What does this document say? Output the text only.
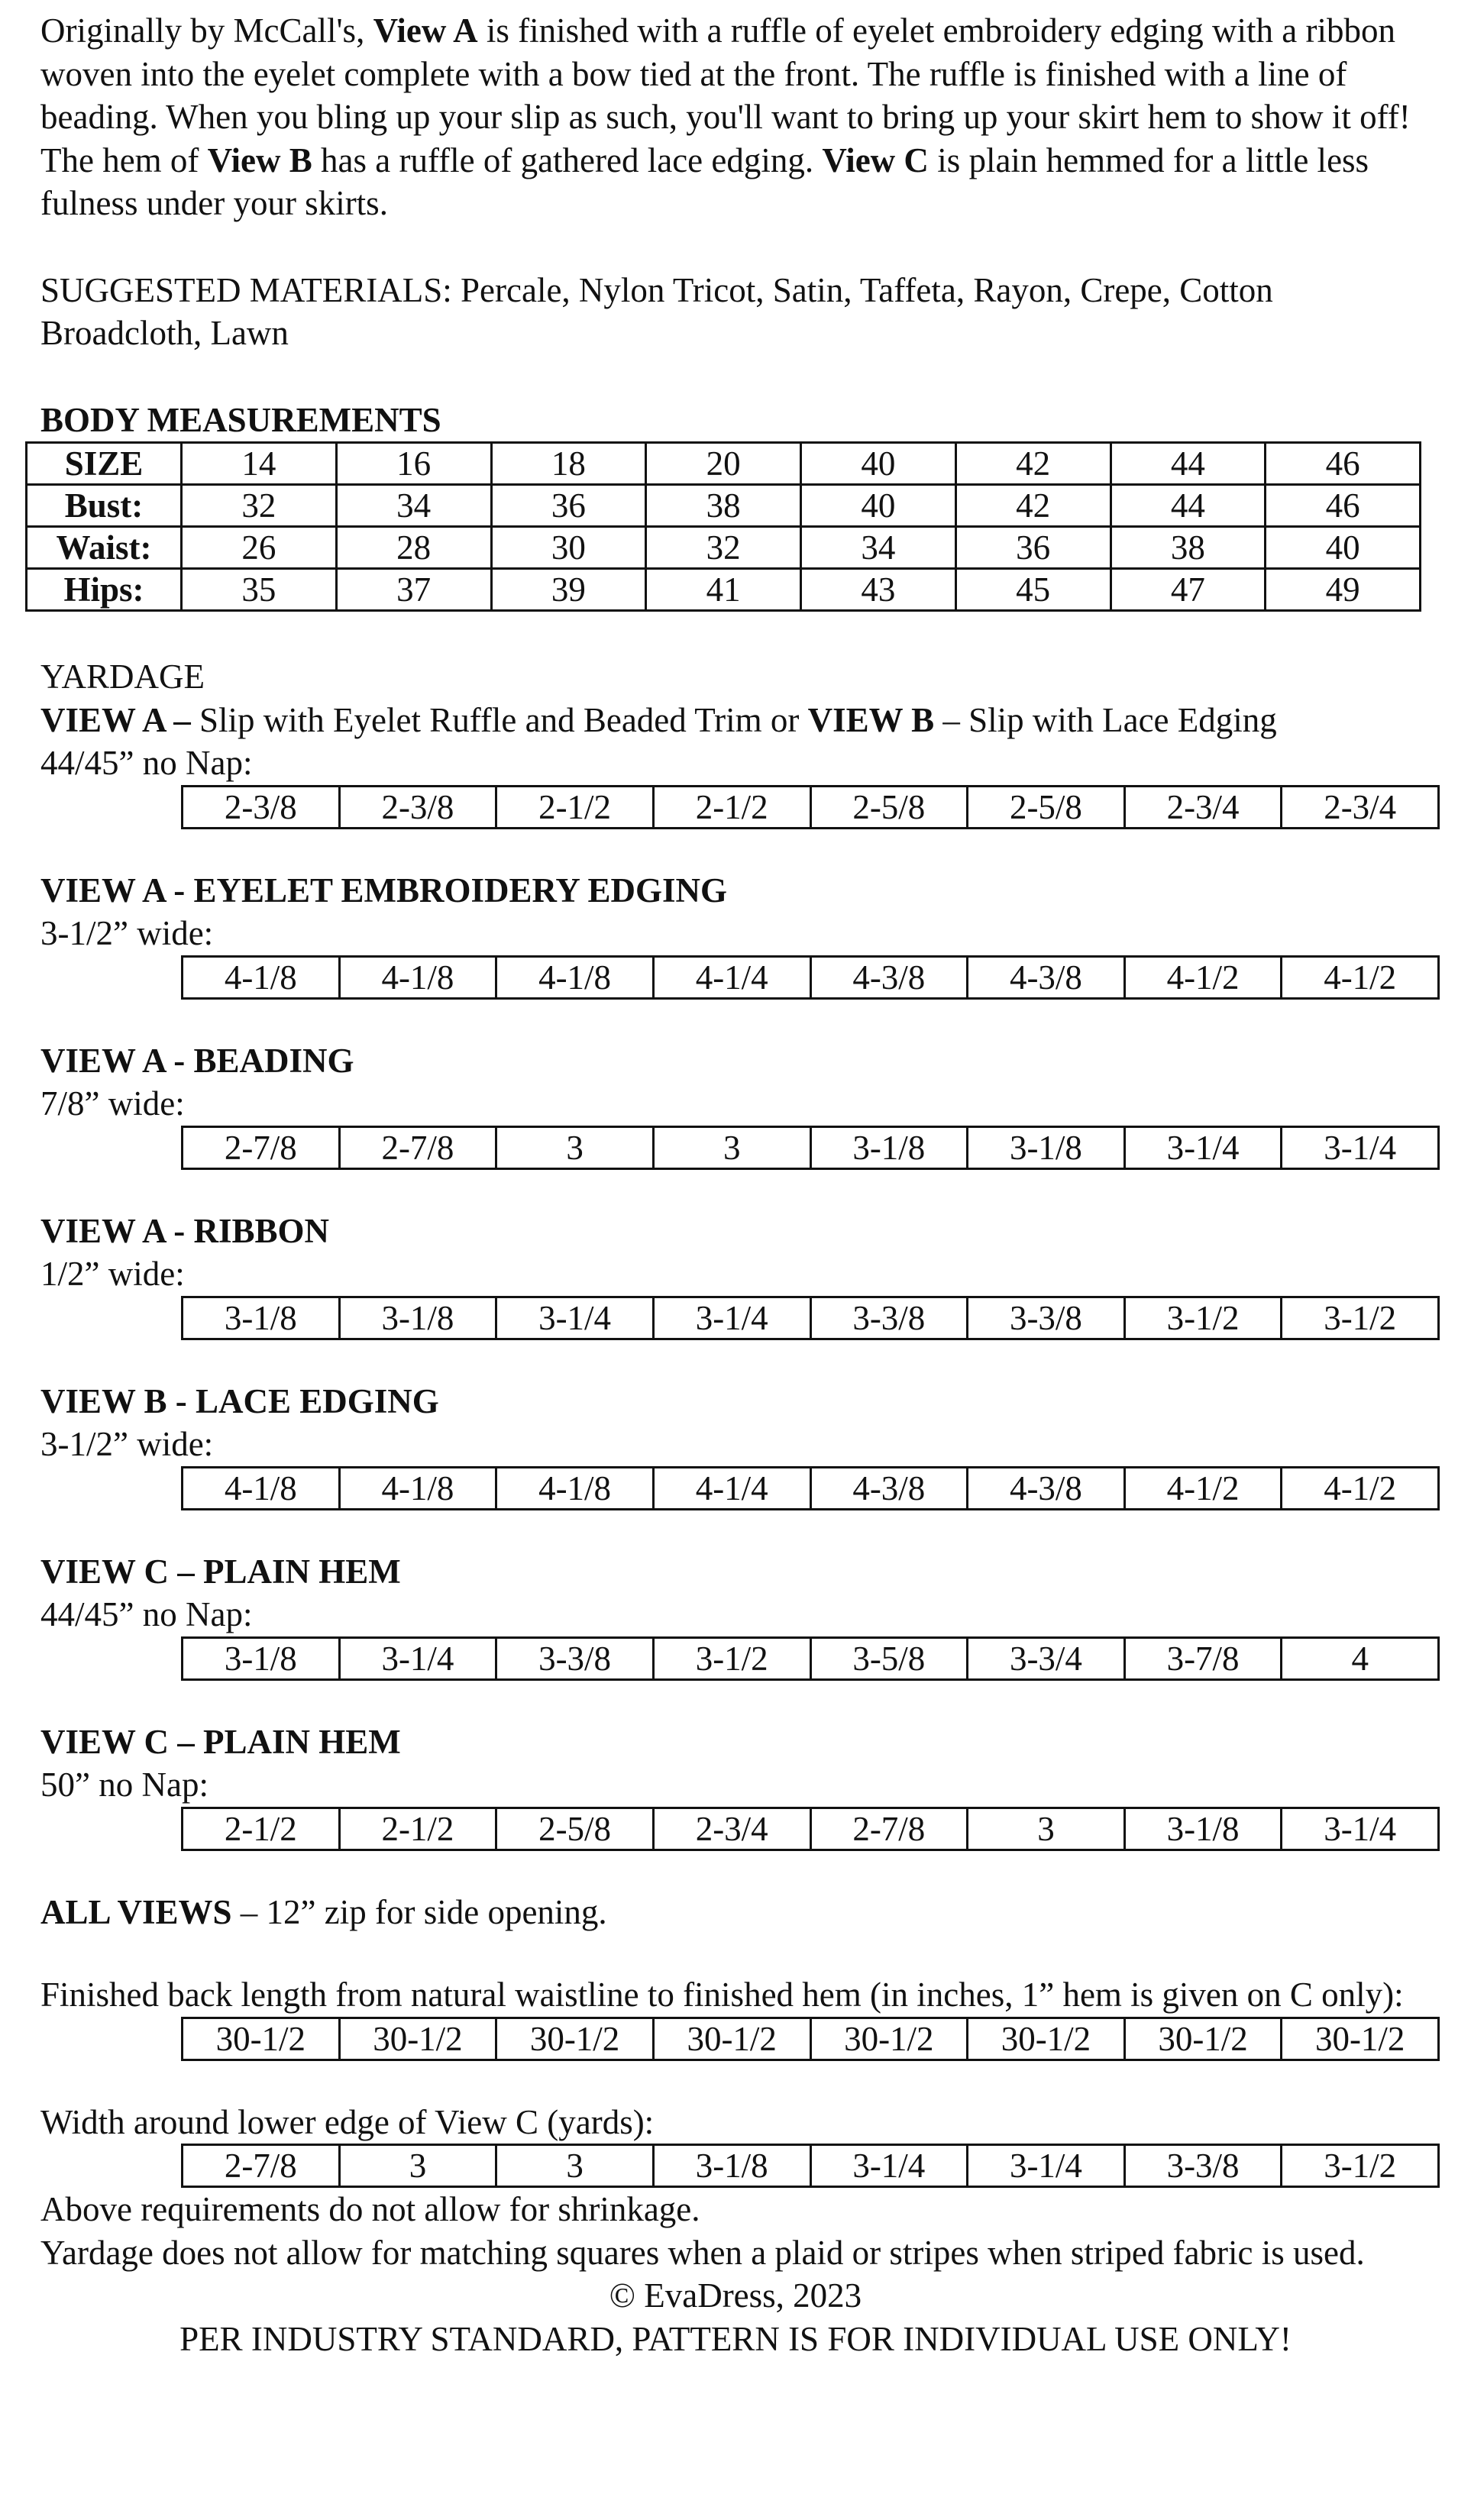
Originally by McCall's, View A is finished with a ruffle of eyelet embroidery edging with a ribbon woven into the eyelet complete with a bow tied at the front. The ruffle is finished with a line of beading. When you bling up your slip as such, you'll want to bring up your skirt hem to show it off! The hem of View B has a ruffle of gathered lace edging. View C is plain hemmed for a little less fulness under your skirts.

SUGGESTED MATERIALS: Percale, Nylon Tricot, Satin, Taffeta, Rayon, Crepe, Cotton Broadcloth, Lawn

BODY MEASUREMENTS

SIZE	14	16	18	20	40	42	44	46
Bust:	32	34	36	38	40	42	44	46
Waist:	26	28	30	32	34	36	38	40
Hips:	35	37	39	41	43	45	47	49

YARDAGE

VIEW A – Slip with Eyelet Ruffle and Beaded Trim or VIEW B – Slip with Lace Edging

44/45” no Nap:

2-3/8	2-3/8	2-1/2	2-1/2	2-5/8	2-5/8	2-3/4	2-3/4

VIEW A - EYELET EMBROIDERY EDGING

3-1/2” wide:

4-1/8	4-1/8	4-1/8	4-1/4	4-3/8	4-3/8	4-1/2	4-1/2

VIEW A - BEADING

7/8” wide:

2-7/8	2-7/8	3	3	3-1/8	3-1/8	3-1/4	3-1/4

VIEW A - RIBBON

1/2” wide:

3-1/8	3-1/8	3-1/4	3-1/4	3-3/8	3-3/8	3-1/2	3-1/2

VIEW B - LACE EDGING

3-1/2” wide:

4-1/8	4-1/8	4-1/8	4-1/4	4-3/8	4-3/8	4-1/2	4-1/2

VIEW C – PLAIN HEM

44/45” no Nap:

3-1/8	3-1/4	3-3/8	3-1/2	3-5/8	3-3/4	3-7/8	4

VIEW C – PLAIN HEM

50” no Nap:

2-1/2	2-1/2	2-5/8	2-3/4	2-7/8	3	3-1/8	3-1/4

ALL VIEWS – 12” zip for side opening.

Finished back length from natural waistline to finished hem (in inches, 1” hem is given on C only):

30-1/2	30-1/2	30-1/2	30-1/2	30-1/2	30-1/2	30-1/2	30-1/2

Width around lower edge of View C (yards):

2-7/8	3	3	3-1/8	3-1/4	3-1/4	3-3/8	3-1/2

Above requirements do not allow for shrinkage.

Yardage does not allow for matching squares when a plaid or stripes when striped fabric is used.

© EvaDress, 2023

PER INDUSTRY STANDARD, PATTERN IS FOR INDIVIDUAL USE ONLY!
